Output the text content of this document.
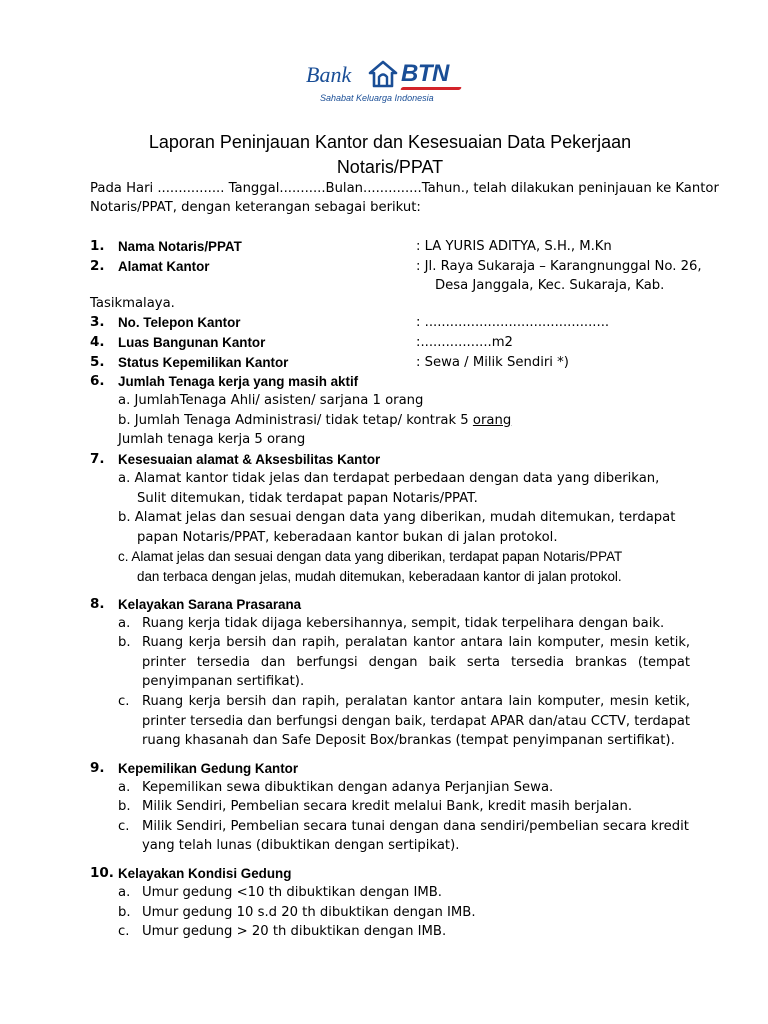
Bank BTN
Sahabat Keluarga Indonesia
Laporan Peninjauan Kantor dan Kesesuaian Data Pekerjaan
Notaris/PPAT
Pada Hari ................ Tanggal...........Bulan..............Tahun., telah dilakukan peninjauan ke Kantor
Notaris/PPAT, dengan keterangan sebagai berikut:
1. Nama Notaris/PPAT	: LA YURIS ADITYA, S.H., M.Kn
2. Alamat Kantor	: Jl. Raya Sukaraja – Karangnunggal No. 26,
Desa Janggala, Kec. Sukaraja, Kab.
Tasikmalaya.
3. No. Telepon Kantor	: ............................................
4. Luas Bangunan Kantor	:.................m2
5. Status Kepemilikan Kantor	: Sewa / Milik Sendiri *)
6. Jumlah Tenaga kerja yang masih aktif
a. JumlahTenaga Ahli/ asisten/ sarjana 1 orang
b. Jumlah Tenaga Administrasi/ tidak tetap/ kontrak 5 orang
Jumlah tenaga kerja 5 orang
7. Kesesuaian alamat & Aksesbilitas Kantor
a. Alamat kantor tidak jelas dan terdapat perbedaan dengan data yang diberikan,
Sulit ditemukan, tidak terdapat papan Notaris/PPAT.
b. Alamat jelas dan sesuai dengan data yang diberikan, mudah ditemukan, terdapat
papan Notaris/PPAT, keberadaan kantor bukan di jalan protokol.
c. Alamat jelas dan sesuai dengan data yang diberikan, terdapat papan Notaris/PPAT
dan terbaca dengan jelas, mudah ditemukan, keberadaan kantor di jalan protokol.
8. Kelayakan Sarana Prasarana
a. Ruang kerja tidak dijaga kebersihannya, sempit, tidak terpelihara dengan baik.
b. Ruang kerja bersih dan rapih, peralatan kantor antara lain komputer, mesin ketik,
printer tersedia dan berfungsi dengan baik serta tersedia brankas (tempat
penyimpanan sertifikat).
c. Ruang kerja bersih dan rapih, peralatan kantor antara lain komputer, mesin ketik,
printer tersedia dan berfungsi dengan baik, terdapat APAR dan/atau CCTV, terdapat
ruang khasanah dan Safe Deposit Box/brankas (tempat penyimpanan sertifikat).
9. Kepemilikan Gedung Kantor
a. Kepemilikan sewa dibuktikan dengan adanya Perjanjian Sewa.
b. Milik Sendiri, Pembelian secara kredit melalui Bank, kredit masih berjalan.
c. Milik Sendiri, Pembelian secara tunai dengan dana sendiri/pembelian secara kredit
yang telah lunas (dibuktikan dengan sertipikat).
10. Kelayakan Kondisi Gedung
a. Umur gedung <10 th dibuktikan dengan IMB.
b. Umur gedung 10 s.d 20 th dibuktikan dengan IMB.
c. Umur gedung > 20 th dibuktikan dengan IMB.
